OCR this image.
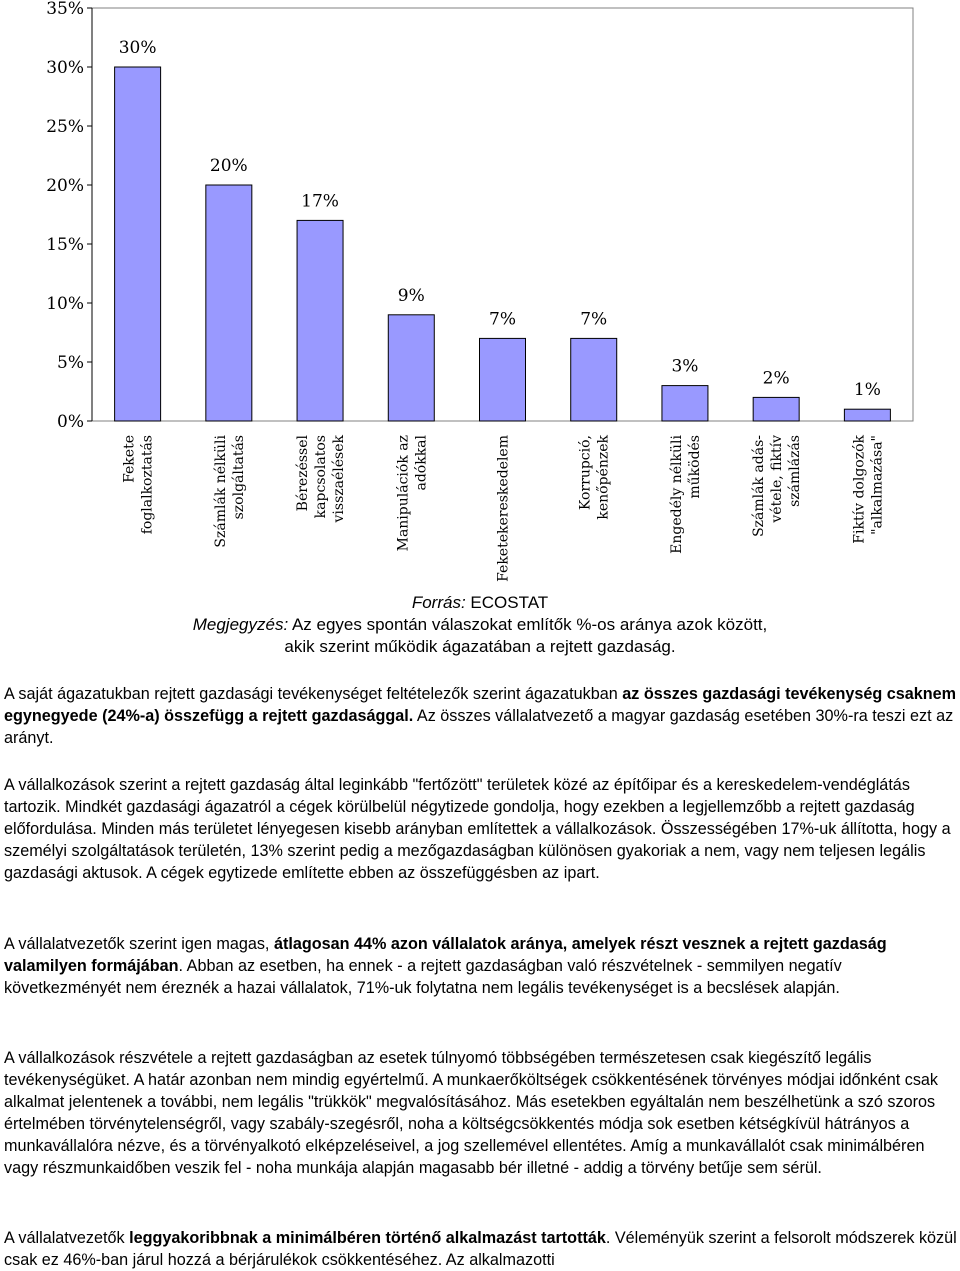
35%
30%
25%
20%
15%
10%
5%
0%
30%
Fekete foglalkoztatás
20%
Számlák nélküli szolgáltatás
17%
Bérezéssel kapcsolatos visszaélések
9%
Manipulációk az adókkal
7%
Feketekereskedelem
7%
Korrupció, kenőpénzek
3%
Engedély nélküli működés
2%
Számlák adás- vétele, fiktív számlázás
1%
Fiktív dolgozók "alkalmazása"
Forrás: ECOSTAT
Megjegyzés: Az egyes spontán válaszokat említők %-os aránya azok között,
akik szerint működik ágazatában a rejtett gazdaság.
A saját ágazatukban rejtett gazdasági tevékenységet feltételezők szerint ágazatukban az összes gazdasági tevékenység csaknem egynegyede (24%-a) összefügg a rejtett gazdasággal. Az összes vállalatvezető a magyar gazdaság esetében 30%-ra teszi ezt az arányt.
A vállalkozások szerint a rejtett gazdaság által leginkább "fertőzött" területek közé az építőipar és a kereskedelem-vendéglátás tartozik. Mindkét gazdasági ágazatról a cégek körülbelül négytizede gondolja, hogy ezekben a legjellemzőbb a rejtett gazdaság előfordulása. Minden más területet lényegesen kisebb arányban említettek a vállalkozások. Összességében 17%-uk állította, hogy a személyi szolgáltatások területén, 13% szerint pedig a mezőgazdaságban különösen gyakoriak a nem, vagy nem teljesen legális gazdasági aktusok. A cégek egytizede említette ebben az összefüggésben az ipart.
A vállalatvezetők szerint igen magas, átlagosan 44% azon vállalatok aránya, amelyek részt vesznek a rejtett gazdaság valamilyen formájában. Abban az esetben, ha ennek - a rejtett gazdaságban való részvételnek - semmilyen negatív következményét nem éreznék a hazai vállalatok, 71%-uk folytatna nem legális tevékenységet is a becslések alapján.
A vállalkozások részvétele a rejtett gazdaságban az esetek túlnyomó többségében természetesen csak kiegészítő legális tevékenységüket. A határ azonban nem mindig egyértelmű. A munkaerőköltségek csökkentésének törvényes módjai időnként csak alkalmat jelentenek a további, nem legális "trükkök" megvalósításához. Más esetekben egyáltalán nem beszélhetünk a szó szoros értelmében törvénytelenségről, vagy szabály-szegésről, noha a költségcsökkentés módja sok esetben kétségkívül hátrányos a munkavállalóra nézve, és a törvényalkotó elképzeléseivel, a jog szellemével ellentétes. Amíg a munkavállalót csak minimálbéren vagy részmunkaidőben veszik fel - noha munkája alapján magasabb bér illetné - addig a törvény betűje sem sérül.
A vállalatvezetők leggyakoribbnak a minimálbéren történő alkalmazást tartották. Véleményük szerint a felsorolt módszerek közül csak ez 46%-ban járul hozzá a bérjárulékok csökkentéséhez. Az alkalmazotti
